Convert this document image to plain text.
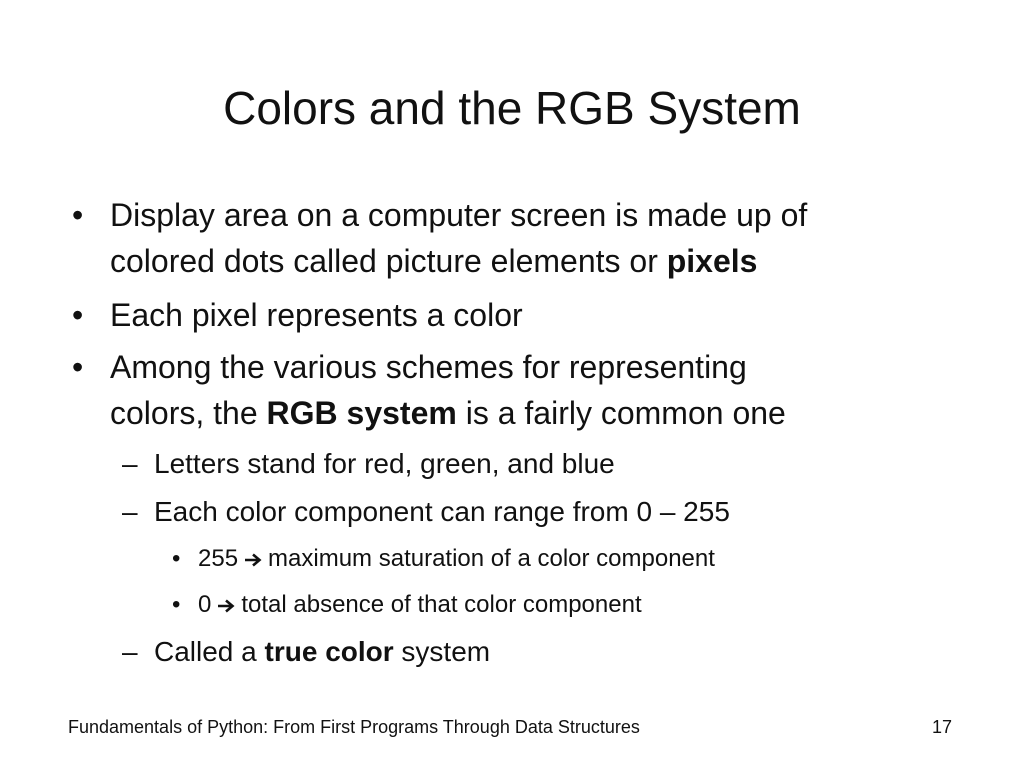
Colors and the RGB System
• Display area on a computer screen is made up of
colored dots called picture elements or pixels
• Each pixel represents a color
• Among the various schemes for representing
colors, the RGB system is a fairly common one
– Letters stand for red, green, and blue
– Each color component can range from 0 – 255
• 255 maximum saturation of a color component
• 0 total absence of that color component
– Called a true color system
Fundamentals of Python: From First Programs Through Data Structures	17
